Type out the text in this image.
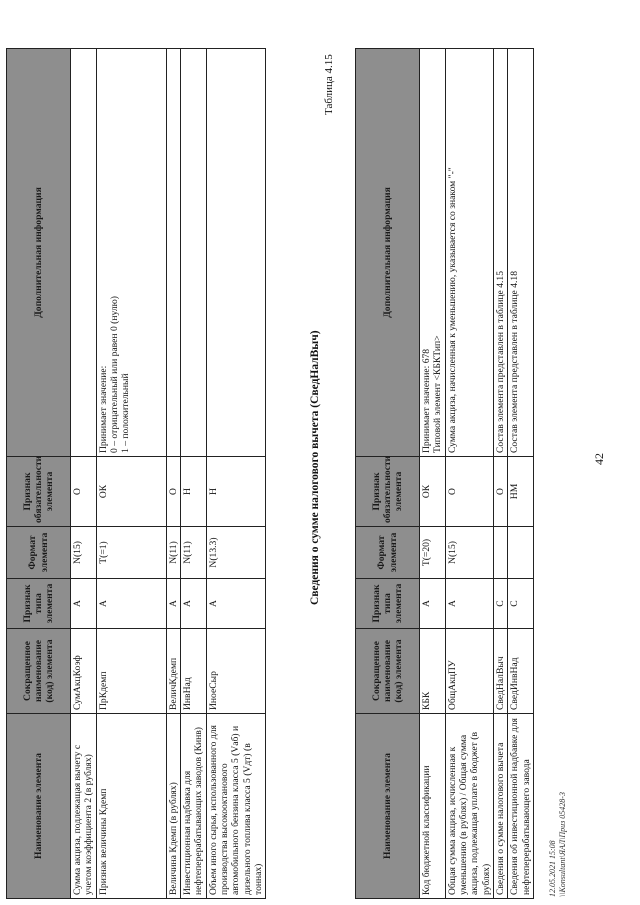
Наименование элемента	Сокращенное наименование (код) элемента	Признак типа элемента	Формат элемента	Признак обязательности элемента	Дополнительная информация
Сумма акциза, подлежащая вычету с учетом коэффициента 2 (в рублях)	СумАкцКоэф	А	N(15)	О	
Признак величины Кдемп	ПрКдемп	А	T(=1)	ОК	Принимает значение:
0 – отрицательный или равен 0 (нулю)
1 – положительный
Величина Кдемп (в рублях)	ВеличКдемп	А	N(11)	О	
Инвестиционная надбавка для нефтеперерабатывающих заводов (Кинв)	ИнвНад	А	N(11)	Н	
Объем иного сырья, использованного для производства высокооктанового автомобильного бензина класса 5 (Vаб) и дизельного топлива класса 5 (Vдт) (в тоннах)	ИноеСыр	А	N(13.3)	Н		Сведения о сумме налогового вычета (СведНалВыч)
Таблица 4.15
Наименование элемента	Сокращенное наименование (код) элемента	Признак типа элемента	Формат элемента	Признак обязательности элемента	Дополнительная информация
Код бюджетной классификации	КБК	А	T(=20)	ОК	Принимает значение: 678
Типовой элемент <КБКТип>
Общая сумма акциза, исчисленная к уменьшению (в рублях) / Общая сумма акциза, подлежащая уплате в бюджет (в рублях)	ОбщАкцПУ	А	N(15)	О	Сумма акциза, начисленная к уменьшению, указывается со знаком "-"
Сведения о сумме налогового вычета	СведНалВыч	С		О	Состав элемента представлен в таблице 4.15
Сведения об инвестиционной надбавке для нефтеперерабатывающего завода	СведИнвНад	С		НМ	Состав элемента представлен в таблице 4.18
42
12.05.2021 15:08 \\Konsultant\ЯАЛ\Приз 05428-3
